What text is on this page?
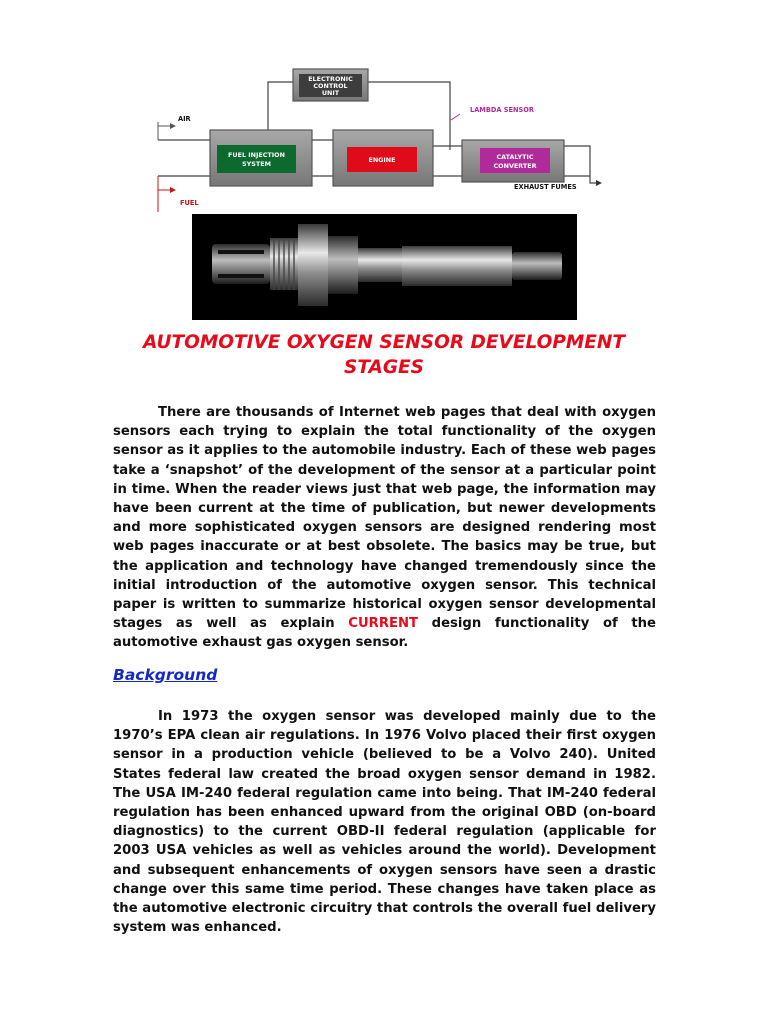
ELECTRONIC
CONTROL
UNIT
FUEL INJECTION
SYSTEM	ENGINE	CATALYTIC
CONVERTER
AIR
FUEL
LAMBDA SENSOR
EXHAUST FUMES
AUTOMOTIVE OXYGEN SENSOR DEVELOPMENT STAGES

There are thousands of Internet web pages that deal with oxygen sensors each trying to explain the total functionality of the oxygen sensor as it applies to the automobile industry. Each of these web pages take a ‘snapshot’ of the development of the sensor at a particular point in time. When the reader views just that web page, the information may have been current at the time of publication, but newer developments and more sophisticated oxygen sensors are designed rendering most web pages inaccurate or at best obsolete. The basics may be true, but the application and technology have changed tremendously since the initial introduction of the automotive oxygen sensor. This technical paper is written to summarize historical oxygen sensor developmental stages as well as explain CURRENT design functionality of the automotive exhaust gas oxygen sensor.

Background

In 1973 the oxygen sensor was developed mainly due to the 1970’s EPA clean air regulations. In 1976 Volvo placed their first oxygen sensor in a production vehicle (believed to be a Volvo 240). United States federal law created the broad oxygen sensor demand in 1982. The USA IM-240 federal regulation came into being. That IM-240 federal regulation has been enhanced upward from the original OBD (on-board diagnostics) to the current OBD-II federal regulation (applicable for 2003 USA vehicles as well as vehicles around the world). Development and subsequent enhancements of oxygen sensors have seen a drastic change over this same time period. These changes have taken place as the automotive electronic circuitry that controls the overall fuel delivery system was enhanced.
